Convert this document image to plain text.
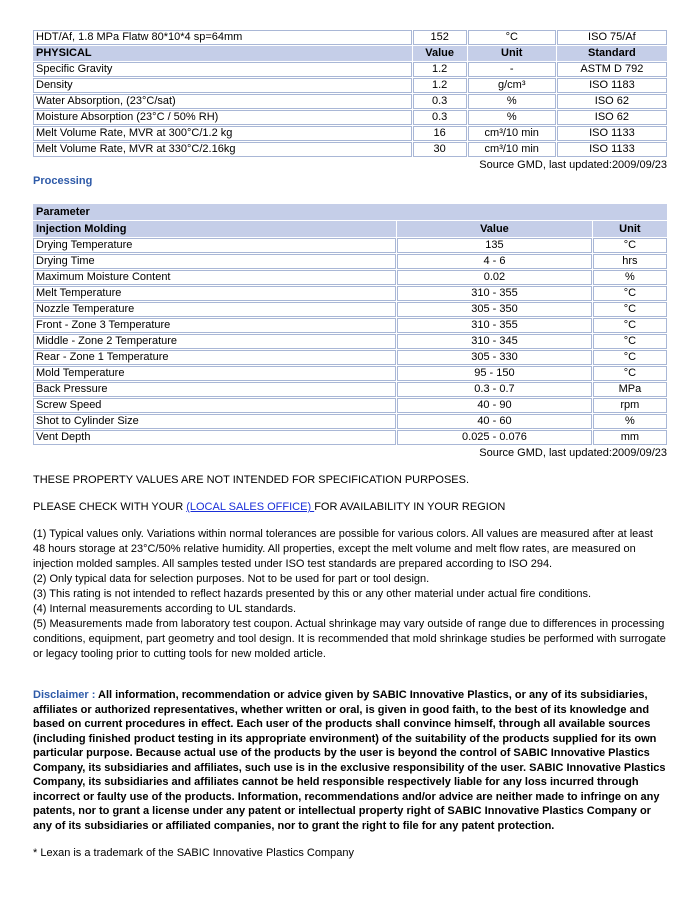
HDT/Af, 1.8 MPa Flatw 80*10*4 sp=64mm	152	°C	ISO 75/Af
PHYSICAL	Value	Unit	Standard
Specific Gravity	1.2	-	ASTM D 792
Density	1.2	g/cm³	ISO 1183
Water Absorption, (23°C/sat)	0.3	%	ISO 62
Moisture Absorption (23°C / 50% RH)	0.3	%	ISO 62
Melt Volume Rate, MVR at 300°C/1.2 kg	16	cm³/10 min	ISO 1133
Melt Volume Rate, MVR at 330°C/2.16kg	30	cm³/10 min	ISO 1133
Source GMD, last updated:2009/09/23
Processing
Parameter		
Injection Molding	Value	Unit
Drying Temperature	135	°C
Drying Time	4 - 6	hrs
Maximum Moisture Content	0.02	%
Melt Temperature	310 - 355	°C
Nozzle Temperature	305 - 350	°C
Front - Zone 3 Temperature	310 - 355	°C
Middle - Zone 2 Temperature	310 - 345	°C
Rear - Zone 1 Temperature	305 - 330	°C
Mold Temperature	95 - 150	°C
Back Pressure	0.3 - 0.7	MPa
Screw Speed	40 - 90	rpm
Shot to Cylinder Size	40 - 60	%
Vent Depth	0.025 - 0.076	mm
Source GMD, last updated:2009/09/23

THESE PROPERTY VALUES ARE NOT INTENDED FOR SPECIFICATION PURPOSES.

PLEASE CHECK WITH YOUR (LOCAL SALES OFFICE) FOR AVAILABILITY IN YOUR REGION

(1) Typical values only. Variations within normal tolerances are possible for various colors. All values are measured after at least 48 hours storage at 23°C/50% relative humidity. All properties, except the melt volume and melt flow rates, are measured on injection molded samples. All samples tested under ISO test standards are prepared according to ISO 294.

(2) Only typical data for selection purposes. Not to be used for part or tool design.

(3) This rating is not intended to reflect hazards presented by this or any other material under actual fire conditions.

(4) Internal measurements according to UL standards.

(5) Measurements made from laboratory test coupon. Actual shrinkage may vary outside of range due to differences in processing conditions, equipment, part geometry and tool design. It is recommended that mold shrinkage studies be performed with surrogate or legacy tooling prior to cutting tools for new molded article.

Disclaimer : All information, recommendation or advice given by SABIC Innovative Plastics, or any of its subsidiaries, affiliates or authorized representatives, whether written or oral, is given in good faith, to the best of its knowledge and based on current procedures in effect. Each user of the products shall convince himself, through all available sources (including finished product testing in its appropriate environment) of the suitability of the products supplied for its own particular purpose. Because actual use of the products by the user is beyond the control of SABIC Innovative Plastics Company, its subsidiaries and affiliates, such use is in the exclusive responsibility of the user. SABIC Innovative Plastics Company, its subsidiaries and affiliates cannot be held responsible respectively liable for any loss incurred through incorrect or faulty use of the products. Information, recommendations and/or advice are neither made to infringe on any patents, nor to grant a license under any patent or intellectual property right of SABIC Innovative Plastics Company or any of its subsidiaries or affiliated companies, nor to grant the right to file for any patent protection.

* Lexan is a trademark of the SABIC Innovative Plastics Company
